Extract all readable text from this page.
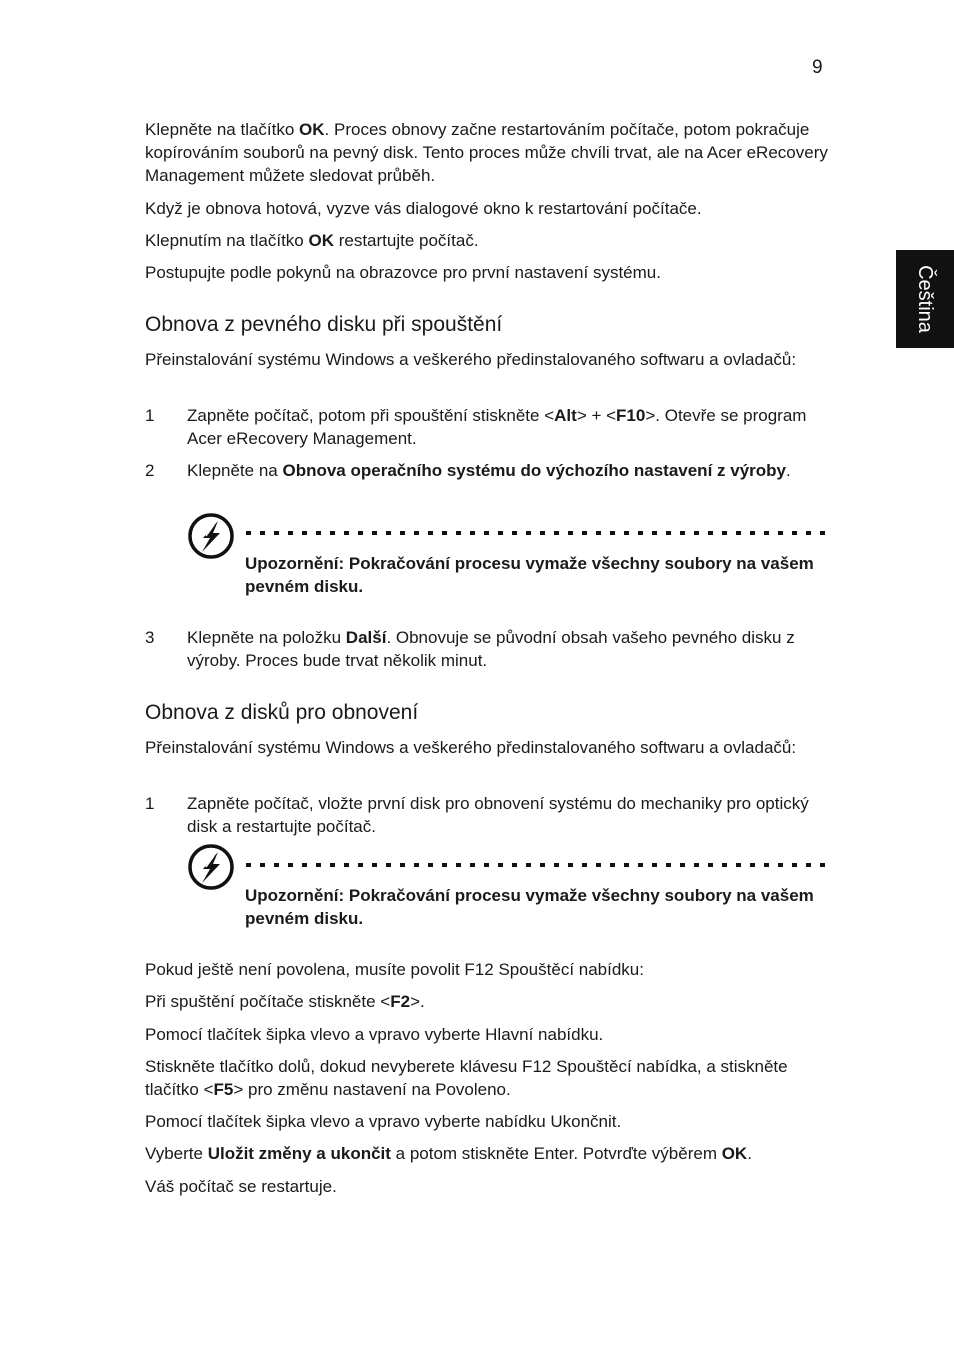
9
Čeština

Klepněte na tlačítko OK. Proces obnovy začne restartováním počítače, potom pokračuje kopírováním souborů na pevný disk. Tento proces může chvíli trvat, ale na Acer eRecovery Management můžete sledovat průběh.

Když je obnova hotová, vyzve vás dialogové okno k restartování počítače.

Klepnutím na tlačítko OK restartujte počítač.

Postupujte podle pokynů na obrazovce pro první nastavení systému.

Obnova z pevného disku při spouštění

Přeinstalování systému Windows a veškerého předinstalovaného softwaru a ovladačů:

1 Zapněte počítač, potom při spouštění stiskněte <Alt> + <F10>. Otevře se program Acer eRecovery Management.

2 Klepněte na Obnova operačního systému do výchozího nastavení z výroby.

Upozornění: Pokračování procesu vymaže všechny soubory na vašem pevném disku.

3 Klepněte na položku Další. Obnovuje se původní obsah vašeho pevného disku z výroby. Proces bude trvat několik minut.

Obnova z disků pro obnovení

Přeinstalování systému Windows a veškerého předinstalovaného softwaru a ovladačů:

1 Zapněte počítač, vložte první disk pro obnovení systému do mechaniky pro optický disk a restartujte počítač.

Upozornění: Pokračování procesu vymaže všechny soubory na vašem pevném disku.

Pokud ještě není povolena, musíte povolit F12 Spouštěcí nabídku:

Při spuštění počítače stiskněte <F2>.

Pomocí tlačítek šipka vlevo a vpravo vyberte Hlavní nabídku.

Stiskněte tlačítko dolů, dokud nevyberete klávesu F12 Spouštěcí nabídka, a stiskněte tlačítko <F5> pro změnu nastavení na Povoleno.

Pomocí tlačítek šipka vlevo a vpravo vyberte nabídku Ukončnit.

Vyberte Uložit změny a ukončit a potom stiskněte Enter. Potvrďte výběrem OK.

Váš počítač se restartuje.
